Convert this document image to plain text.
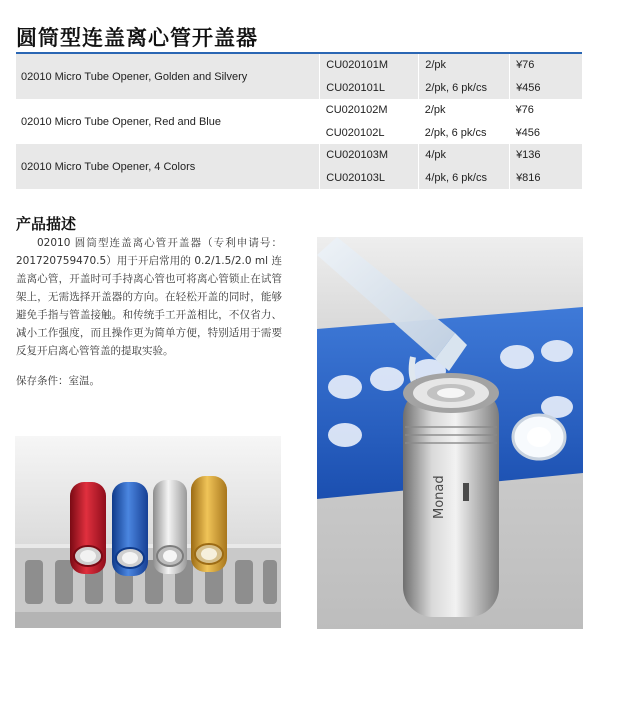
圆筒型连盖离心管开盖器
02010 Micro Tube Opener, Golden and Silvery	CU020101M	2/pk	¥76
	CU020101L	2/pk, 6 pk/cs	¥456
02010 Micro Tube Opener, Red and Blue	CU020102M	2/pk	¥76
	CU020102L	2/pk, 6 pk/cs	¥456
02010 Micro Tube Opener, 4 Colors	CU020103M	4/pk	¥136
	CU020103L	4/pk, 6 pk/cs	¥816
产品描述

02010 圆筒型连盖离心管开盖器（专利申请号：201720759470.5）用于开启常用的 0.2/1.5/2.0 ml 连盖离心管，开盖时可手持离心管也可将离心管锁止在试管架上，无需选择开盖器的方向。在轻松开盖的同时，能够避免手指与管盖接触。和传统手工开盖相比，不仅省力、减小工作强度，而且操作更为简单方便，特别适用于需要反复开启离心管管盖的提取实验。

保存条件：室温。
Monad
